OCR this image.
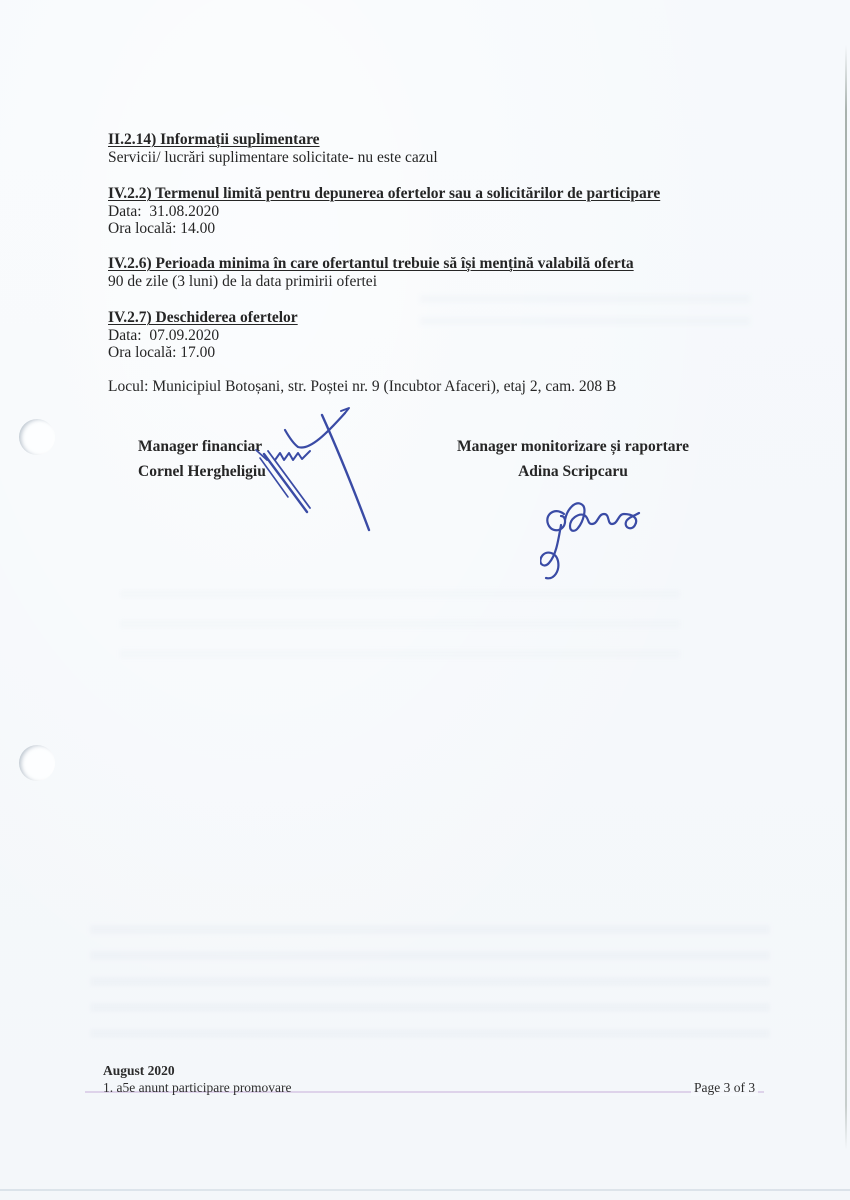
II.2.14) Informații suplimentare
Servicii/ lucrări suplimentare solicitate- nu este cazul
IV.2.2) Termenul limită pentru depunerea ofertelor sau a solicitărilor de participare
Data:  31.08.2020
Ora locală: 14.00
IV.2.6) Perioada minima în care ofertantul trebuie să își mențină valabilă oferta
90 de zile (3 luni) de la data primirii ofertei
IV.2.7) Deschiderea ofertelor
Data:  07.09.2020
Ora locală: 17.00
Locul: Municipiul Botoșani, str. Poștei nr. 9 (Incubtor Afaceri), etaj 2, cam. 208 B
Manager financiar
Cornel Hergheligiu
Manager monitorizare și raportare
Adina Scripcaru
August 2020
1. a5e anunt participare promovare	Page 3 of 3
